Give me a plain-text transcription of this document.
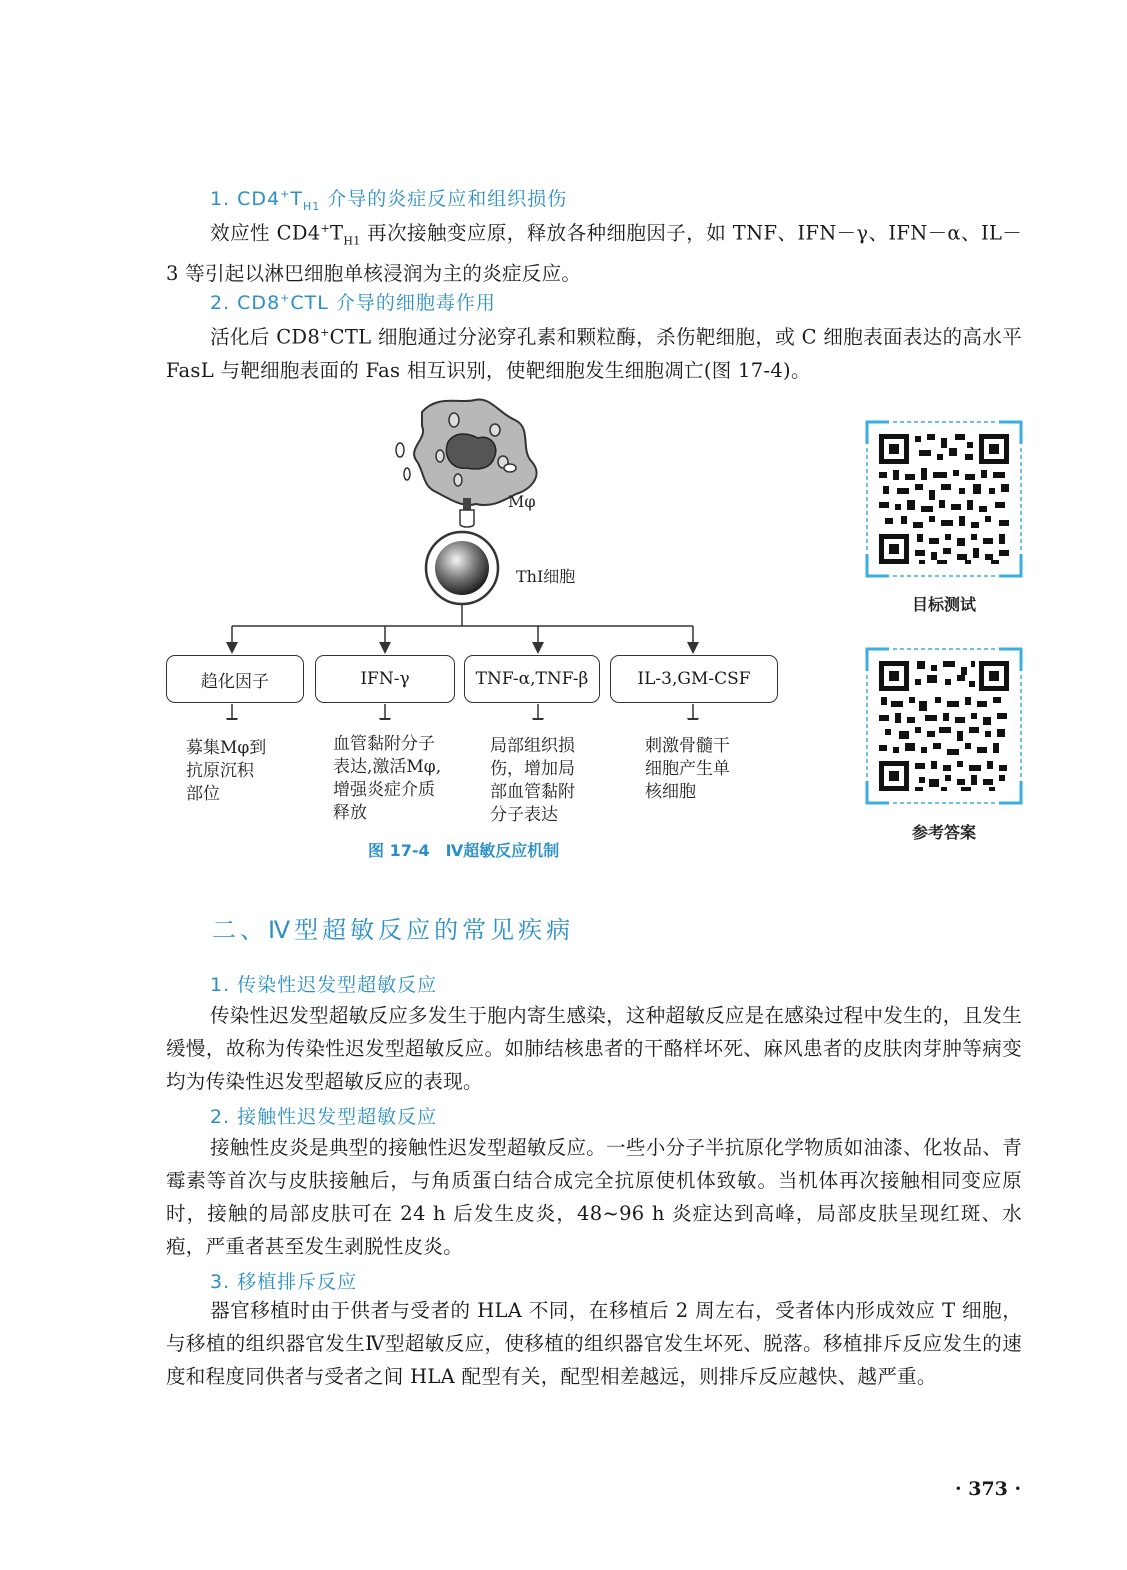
1. $CD4^+T_{H1}$ 介导的炎症反应和组织损伤
效应性 $CD4^+T_{H1}$ 再次接触变应原，释放各种细胞因子，如 TNF、IFN－γ、IFN－α、IL－3 等引起以淋巴细胞单核浸润为主的炎症反应。
2. CD8+CTL 介导的细胞毒作用
活化后 CD8+CTL 细胞通过分泌穿孔素和颗粒酶，杀伤靶细胞，或 C 细胞表面表达的高水平 FasL 与靶细胞表面的 Fas 相互识别，使靶细胞发生细胞凋亡(图 17-4)。
Mφ
ThI细胞
趋化因子	IFN-γ	TNF-α,TNF-β	IL-3,GM-CSF
募集Mφ到
抗原沉积
部位
血管黏附分子
表达,激活Mφ,
增强炎症介质
释放
局部组织损
伤，增加局
部血管黏附
分子表达
刺激骨髓干
细胞产生单
核细胞
图 17-4　Ⅳ超敏反应机制
目标测试
参考答案
二、Ⅳ型超敏反应的常见疾病
1. 传染性迟发型超敏反应
传染性迟发型超敏反应多发生于胞内寄生感染，这种超敏反应是在感染过程中发生的，且发生缓慢，故称为传染性迟发型超敏反应。如肺结核患者的干酪样坏死、麻风患者的皮肤肉芽肿等病变均为传染性迟发型超敏反应的表现。
2. 接触性迟发型超敏反应
接触性皮炎是典型的接触性迟发型超敏反应。一些小分子半抗原化学物质如油漆、化妆品、青霉素等首次与皮肤接触后，与角质蛋白结合成完全抗原使机体致敏。当机体再次接触相同变应原时，接触的局部皮肤可在 24 h 后发生皮炎，48~96 h 炎症达到高峰，局部皮肤呈现红斑、水疱，严重者甚至发生剥脱性皮炎。
3. 移植排斥反应
器官移植时由于供者与受者的 HLA 不同，在移植后 2 周左右，受者体内形成效应 T 细胞，与移植的组织器官发生Ⅳ型超敏反应，使移植的组织器官发生坏死、脱落。移植排斥反应发生的速度和程度同供者与受者之间 HLA 配型有关，配型相差越远，则排斥反应越快、越严重。
· 373 ·
